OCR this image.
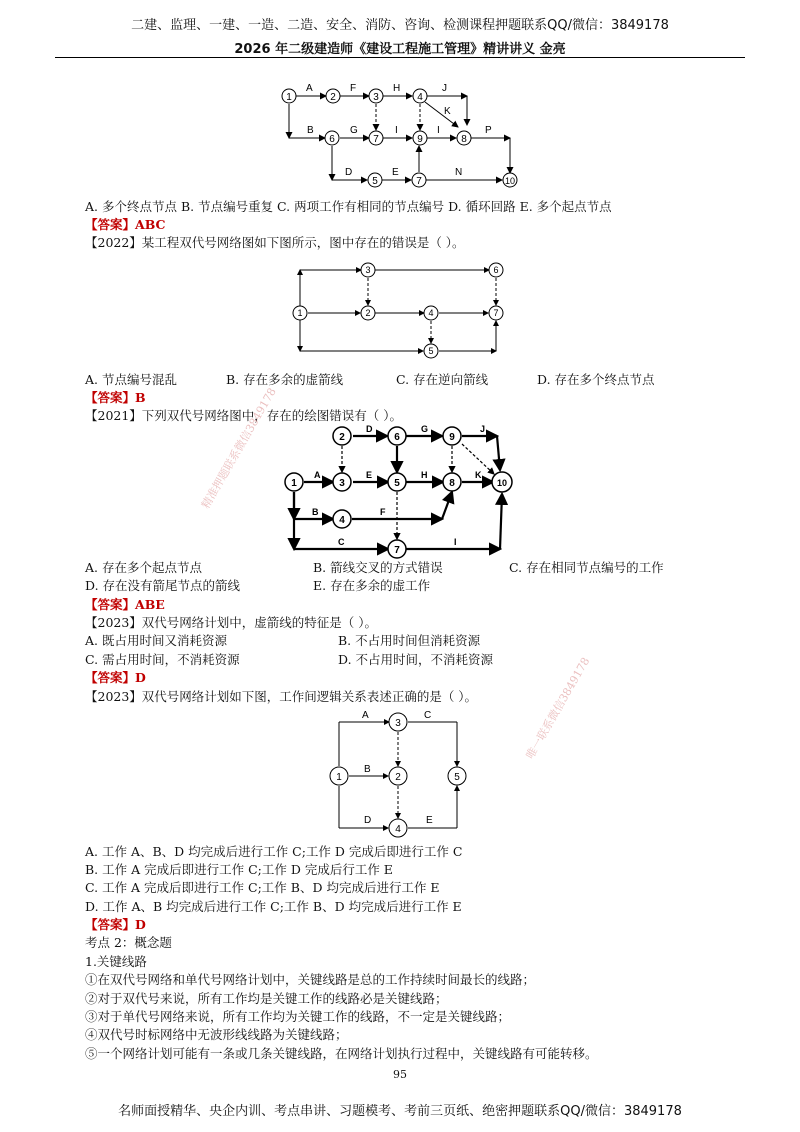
二建、监理、一建、一造、二造、安全、消防、咨询、检测课程押题联系QQ/微信：3849178
2026 年二级建造师《建设工程施工管理》精讲讲义 金亮
1	2	3	4
6	7	9	8
5	7	10
A	F	H	J
K
B	G	I	I	P
D	E	N
A. 多个终点节点 B. 节点编号重复 C. 两项工作有相同的节点编号 D. 循环回路 E. 多个起点节点
【答案】ABC
【2022】某工程双代号网络图如下图所示，图中存在的错误是（ ）。
1
3	6
2	4	7
5
A. 节点编号混乱	B. 存在多余的虚箭线	C. 存在逆向箭线	D. 存在多个终点节点
【答案】B
【2021】下列双代号网络图中，存在的绘图错误有（ ）。
1
2	6	9
3	5	8	10
4
7
D	G	J
A	E	H	K
B	F
C	I
A. 存在多个起点节点	B. 箭线交叉的方式错误	C. 存在相同节点编号的工作
D. 存在没有箭尾节点的箭线	E. 存在多余的虚工作
【答案】ABE
【2023】双代号网络计划中，虚箭线的特征是（ ）。
A. 既占用时间又消耗资源	B. 不占用时间但消耗资源
C. 需占用时间，不消耗资源	D. 不占用时间，不消耗资源
【答案】D
【2023】双代号网络计划如下图，工作间逻辑关系表述正确的是（ ）。
1
3
2
4
5
A	C
B
D	E
A. 工作 A、B、D 均完成后进行工作 C;工作 D 完成后即进行工作 C
B. 工作 A 完成后即进行工作 C;工作 D 完成后行工作 E
C. 工作 A 完成后即进行工作 C;工作 B、D 均完成后进行工作 E
D. 工作 A、B 均完成后进行工作 C;工作 B、D 均完成后进行工作 E
【答案】D
考点 2：概念题
1.关键线路
①在双代号网络和单代号网络计划中，关键线路是总的工作持续时间最长的线路；
②对于双代号来说，所有工作均是关键工作的线路必是关键线路；
③对于单代号网络来说，所有工作均为关键工作的线路，不一定是关键线路；
④双代号时标网络中无波形线线路为关键线路；
⑤一个网络计划可能有一条或几条关键线路，在网络计划执行过程中，关键线路有可能转移。
精准押题联系微信3849178
唯一联系微信3849178
95
名师面授精华、央企内训、考点串讲、习题模考、考前三页纸、绝密押题联系QQ/微信：3849178
